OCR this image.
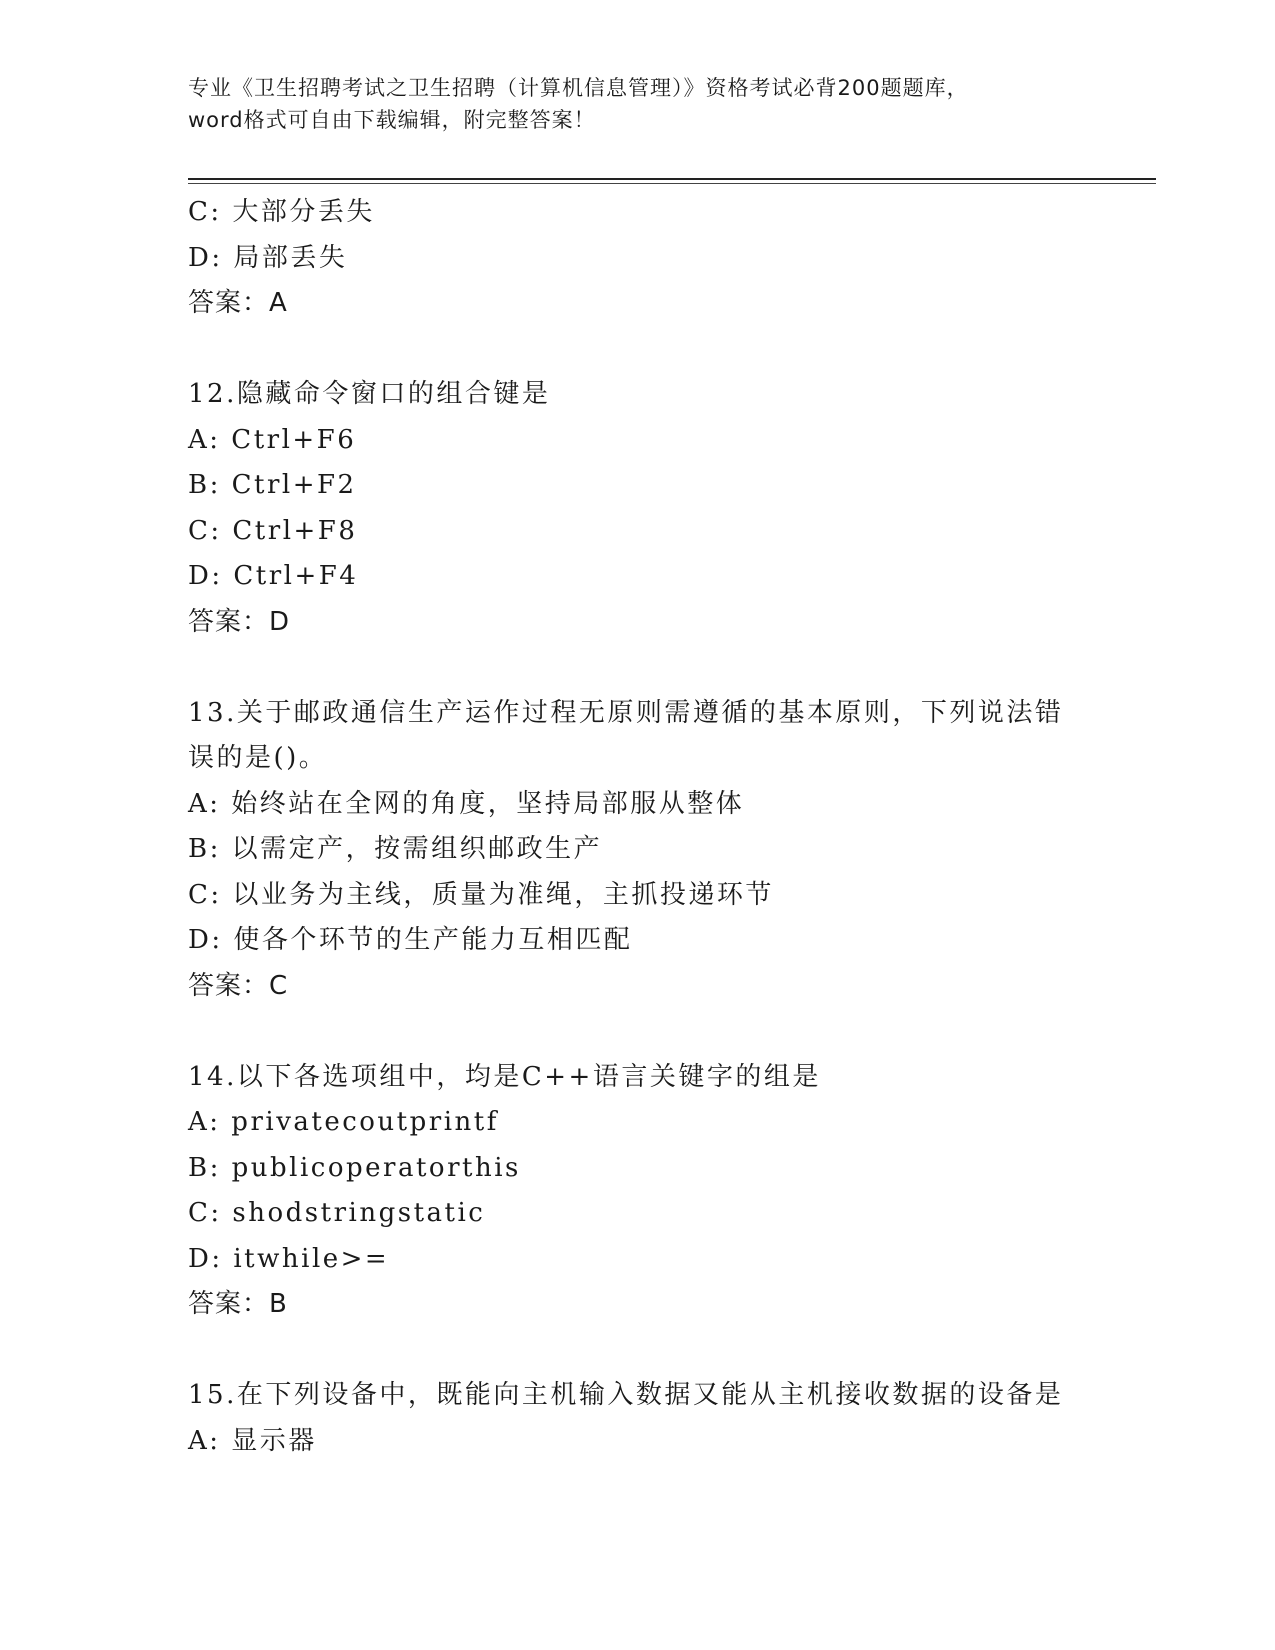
专业《卫生招聘考试之卫生招聘（计算机信息管理）》资格考试必背200题题库，
word格式可自由下载编辑，附完整答案！
C: 大部分丢失
D: 局部丢失
答案：A
12.隐藏命令窗口的组合键是
A: Ctrl+F6
B: Ctrl+F2
C: Ctrl+F8
D: Ctrl+F4
答案：D
13.关于邮政通信生产运作过程无原则需遵循的基本原则，下列说法错
误的是()。
A: 始终站在全网的角度，坚持局部服从整体
B: 以需定产，按需组织邮政生产
C: 以业务为主线，质量为准绳，主抓投递环节
D: 使各个环节的生产能力互相匹配
答案：C
14.以下各选项组中，均是C++语言关键字的组是
A: privatecoutprintf
B: publicoperatorthis
C: shodstringstatic
D: itwhile>=
答案：B
15.在下列设备中，既能向主机输入数据又能从主机接收数据的设备是
A: 显示器
